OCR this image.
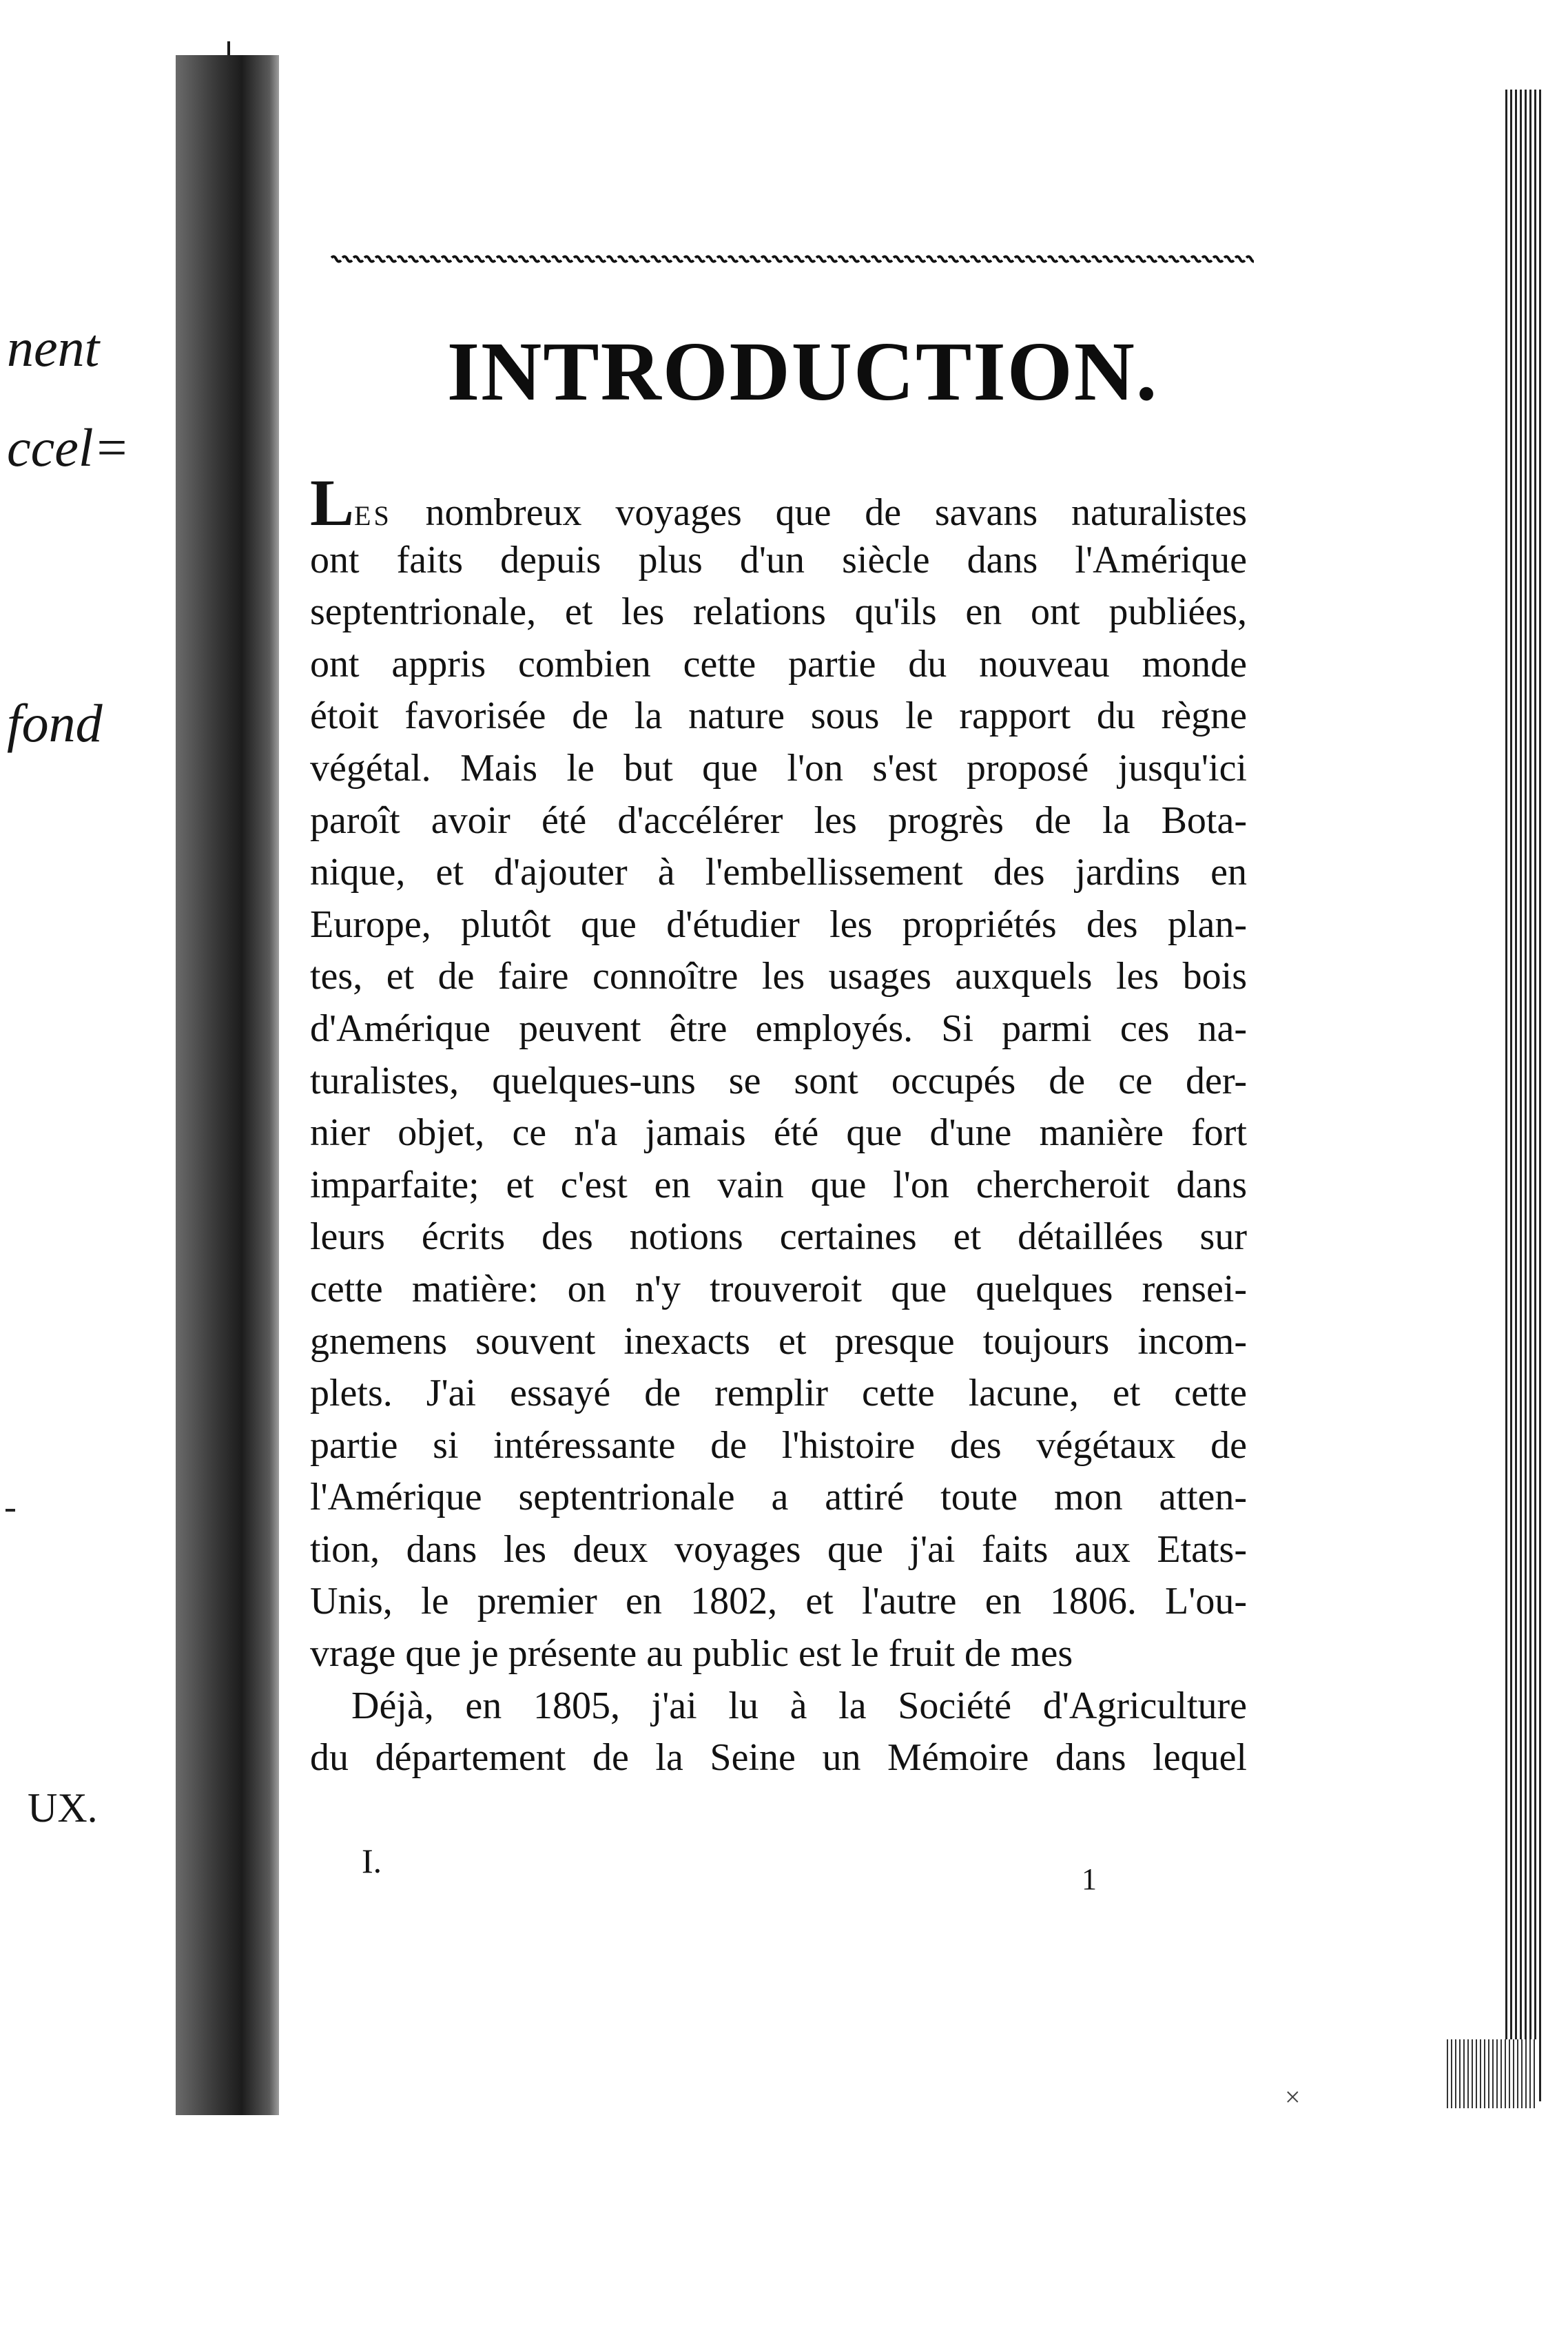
nent
ccel=
fond
UX.
INTRODUCTION.
LES nombreux voyages que de savans naturalistes
ont faits depuis plus d'un siècle dans l'Amérique
septentrionale, et les relations qu'ils en ont publiées,
ont appris combien cette partie du nouveau monde
étoit favorisée de la nature sous le rapport du règne
végétal. Mais le but que l'on s'est proposé jusqu'ici
paroît avoir été d'accélérer les progrès de la Bota-
nique, et d'ajouter à l'embellissement des jardins en
Europe, plutôt que d'étudier les propriétés des plan-
tes, et de faire connoître les usages auxquels les bois
d'Amérique peuvent être employés. Si parmi ces na-
turalistes, quelques-uns se sont occupés de ce der-
nier objet, ce n'a jamais été que d'une manière fort
imparfaite; et c'est en vain que l'on chercheroit dans
leurs écrits des notions certaines et détaillées sur
cette matière: on n'y trouveroit que quelques rensei-
gnemens souvent inexacts et presque toujours incom-
plets. J'ai essayé de remplir cette lacune, et cette
partie si intéressante de l'histoire des végétaux de
l'Amérique septentrionale a attiré toute mon atten-
tion, dans les deux voyages que j'ai faits aux Etats-
Unis, le premier en 1802, et l'autre en 1806. L'ou-
vrage que je présente au public est le fruit de mes
Déjà, en 1805, j'ai lu à la Société d'Agriculture
du département de la Seine un Mémoire dans lequel
I.	1
×
